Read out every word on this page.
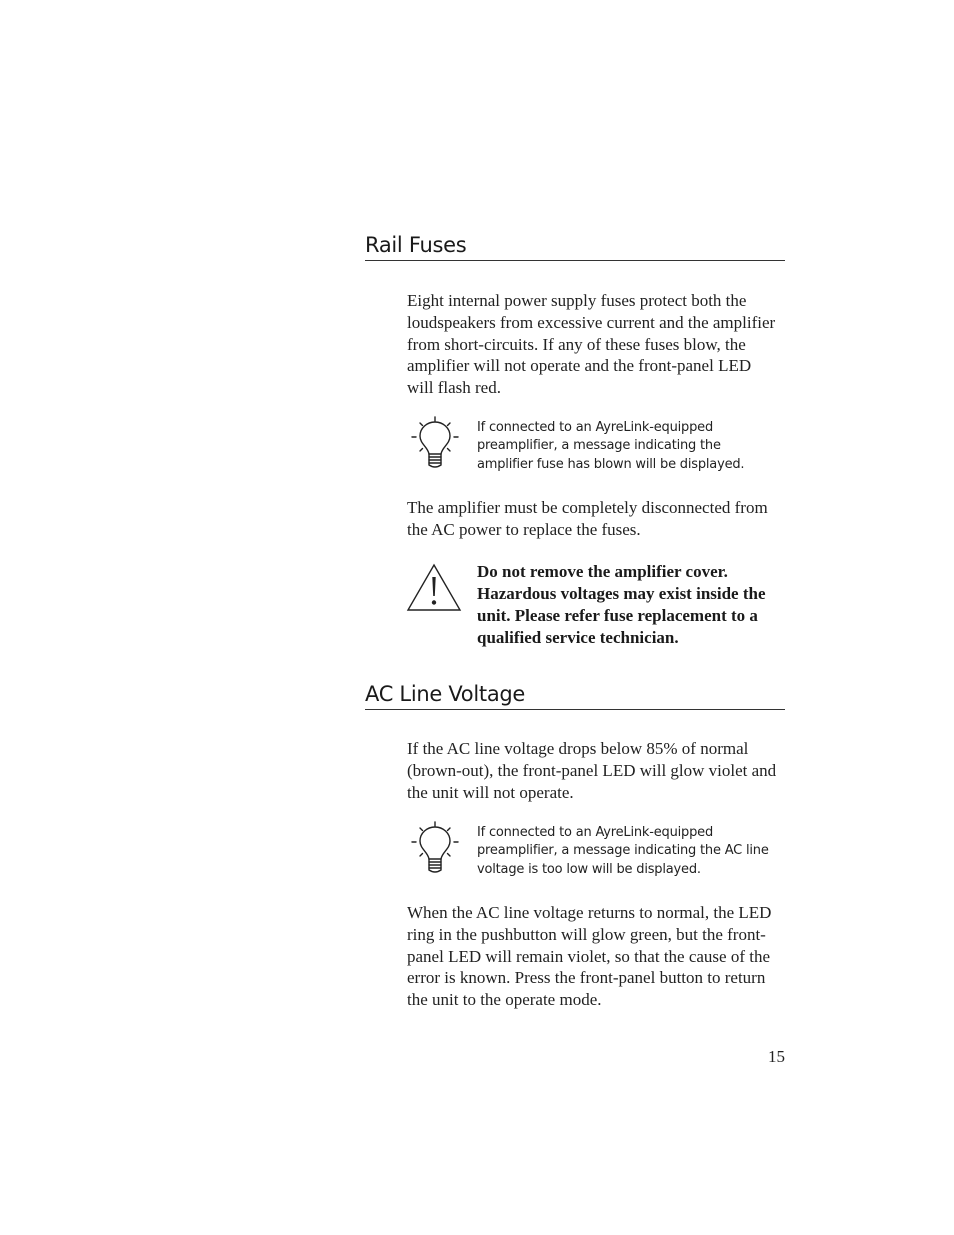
Rail Fuses

Eight internal power supply fuses protect both the loudspeakers from excessive current and the amplifier from short-circuits. If any of these fuses blow, the amplifier will not operate and the front-panel LED will flash red.

If connected to an AyreLink-equipped preamplifier, a message indicating the amplifier fuse has blown will be displayed.

The amplifier must be completely disconnected from the AC power to replace the fuses.

Do not remove the amplifier cover. Hazardous voltages may exist inside the unit. Please refer fuse replacement to a qualified service technician.

AC Line Voltage

If the AC line voltage drops below 85% of normal (brown-out), the front-panel LED will glow violet and the unit will not operate.

If connected to an AyreLink-equipped preamplifier, a message indicating the AC line voltage is too low will be displayed.

When the AC line voltage returns to normal, the LED ring in the pushbutton will glow green, but the front-panel LED will remain violet, so that the cause of the error is known. Press the front-panel button to return the unit to the operate mode.

15
